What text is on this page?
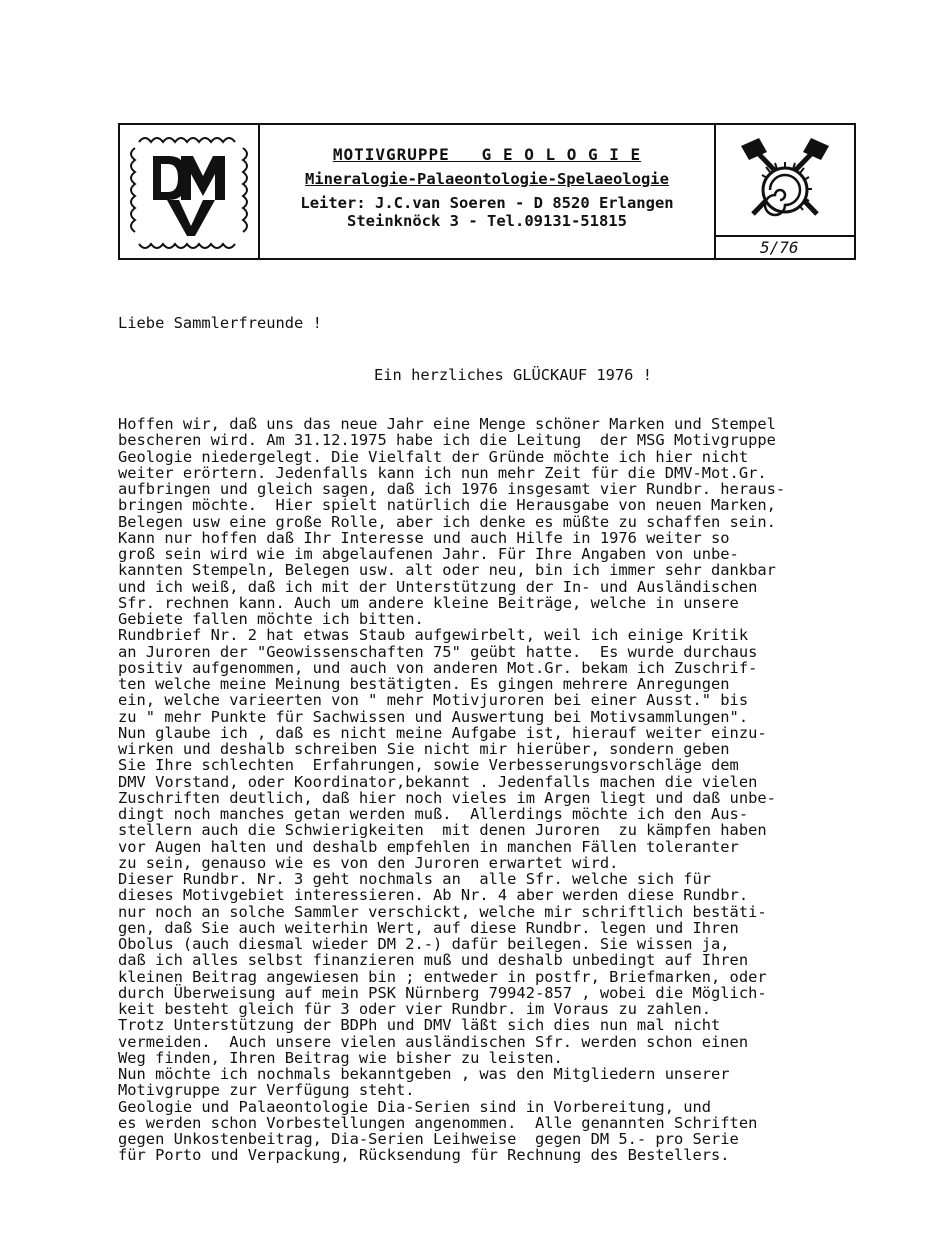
MOTIVGRUPPE   G E O L O G I E
Mineralogie-Palaeontologie-Spelaeologie
Leiter: J.C.van Soeren - D 8520 Erlangen
Steinknöck 3 - Tel.09131-51815
5/76

Liebe Sammlerfreunde !

Ein herzliches GLÜCKAUF 1976 !

Hoffen wir, daß uns das neue Jahr eine Menge schöner Marken und Stempel
bescheren wird. Am 31.12.1975 habe ich die Leitung  der MSG Motivgruppe
Geologie niedergelegt. Die Vielfalt der Gründe möchte ich hier nicht
weiter erörtern. Jedenfalls kann ich nun mehr Zeit für die DMV-Mot.Gr.
aufbringen und gleich sagen, daß ich 1976 insgesamt vier Rundbr. heraus-
bringen möchte.  Hier spielt natürlich die Herausgabe von neuen Marken,
Belegen usw eine große Rolle, aber ich denke es müßte zu schaffen sein.
Kann nur hoffen daß Ihr Interesse und auch Hilfe in 1976 weiter so
groß sein wird wie im abgelaufenen Jahr. Für Ihre Angaben von unbe-
kannten Stempeln, Belegen usw. alt oder neu, bin ich immer sehr dankbar
und ich weiß, daß ich mit der Unterstützung der In- und Ausländischen
Sfr. rechnen kann. Auch um andere kleine Beiträge, welche in unsere
Gebiete fallen möchte ich bitten.
Rundbrief Nr. 2 hat etwas Staub aufgewirbelt, weil ich einige Kritik
an Juroren der "Geowissenschaften 75" geübt hatte.  Es wurde durchaus
positiv aufgenommen, und auch von anderen Mot.Gr. bekam ich Zuschrif-
ten welche meine Meinung bestätigten. Es gingen mehrere Anregungen
ein, welche varieerten von " mehr Motivjuroren bei einer Ausst." bis
zu " mehr Punkte für Sachwissen und Auswertung bei Motivsammlungen".
Nun glaube ich , daß es nicht meine Aufgabe ist, hierauf weiter einzu-
wirken und deshalb schreiben Sie nicht mir hierüber, sondern geben
Sie Ihre schlechten  Erfahrungen, sowie Verbesserungsvorschläge dem
DMV Vorstand, oder Koordinator,bekannt . Jedenfalls machen die vielen
Zuschriften deutlich, daß hier noch vieles im Argen liegt und daß unbe-
dingt noch manches getan werden muß.  Allerdings möchte ich den Aus-
stellern auch die Schwierigkeiten  mit denen Juroren  zu kämpfen haben
vor Augen halten und deshalb empfehlen in manchen Fällen toleranter
zu sein, genauso wie es von den Juroren erwartet wird.
Dieser Rundbr. Nr. 3 geht nochmals an  alle Sfr. welche sich für
dieses Motivgebiet interessieren. Ab Nr. 4 aber werden diese Rundbr.
nur noch an solche Sammler verschickt, welche mir schriftlich bestäti-
gen, daß Sie auch weiterhin Wert, auf diese Rundbr. legen und Ihren
Obolus (auch diesmal wieder DM 2.-) dafür beilegen. Sie wissen ja,
daß ich alles selbst finanzieren muß und deshalb unbedingt auf Ihren
kleinen Beitrag angewiesen bin ; entweder in postfr, Briefmarken, oder
durch Überweisung auf mein PSK Nürnberg 79942-857 , wobei die Möglich-
keit besteht gleich für 3 oder vier Rundbr. im Voraus zu zahlen.
Trotz Unterstützung der BDPh und DMV läßt sich dies nun mal nicht
vermeiden.  Auch unsere vielen ausländischen Sfr. werden schon einen
Weg finden, Ihren Beitrag wie bisher zu leisten.
Nun möchte ich nochmals bekanntgeben , was den Mitgliedern unserer
Motivgruppe zur Verfügung steht.
Geologie und Palaeontologie Dia-Serien sind in Vorbereitung, und
es werden schon Vorbestellungen angenommen.  Alle genannten Schriften
gegen Unkostenbeitrag, Dia-Serien Leihweise  gegen DM 5.- pro Serie
für Porto und Verpackung, Rücksendung für Rechnung des Bestellers.
